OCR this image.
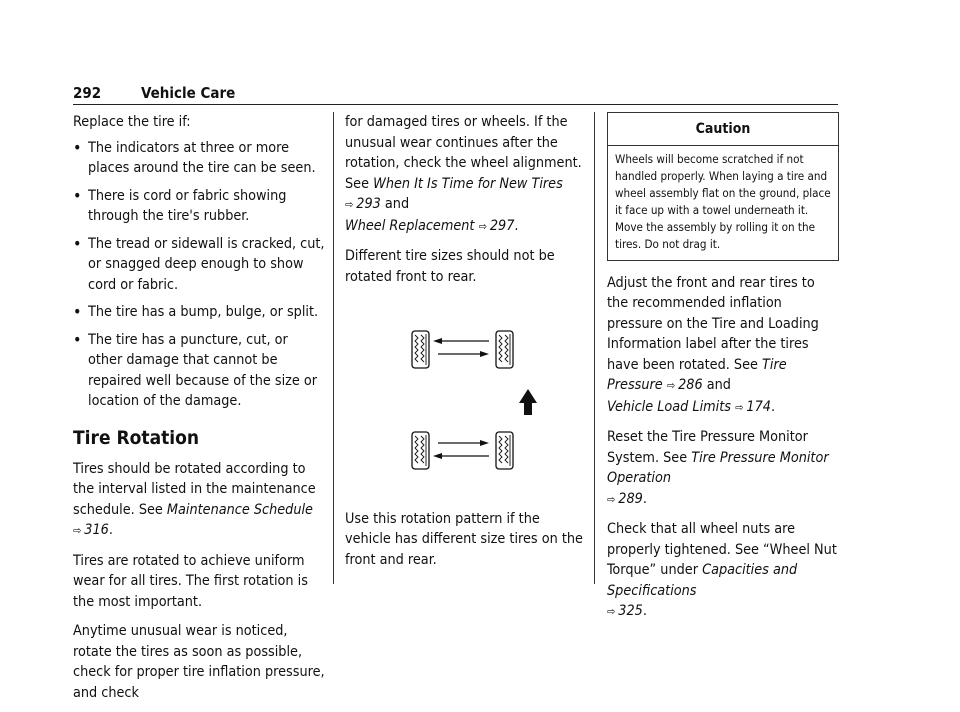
292	Vehicle Care

Replace the tire if:

• The indicators at three or more places around the tire can be seen.
• There is cord or fabric showing through the tire's rubber.
• The tread or sidewall is cracked, cut, or snagged deep enough to show cord or fabric.
• The tire has a bump, bulge, or split.
• The tire has a puncture, cut, or other damage that cannot be repaired well because of the size or location of the damage.
Tire Rotation

Tires should be rotated according to the interval listed in the maintenance schedule. See Maintenance Schedule
⇨ 316.

Tires are rotated to achieve uniform wear for all tires. The first rotation is the most important.

Anytime unusual wear is noticed, rotate the tires as soon as possible, check for proper tire inflation pressure, and check

for damaged tires or wheels. If the unusual wear continues after the rotation, check the wheel alignment. See When It Is Time for New Tires
⇨ 293 and
Wheel Replacement ⇨ 297.

Different tire sizes should not be rotated front to rear.

Use this rotation pattern if the vehicle has different size tires on the front and rear.

Caution
Wheels will become scratched if not handled properly. When laying a tire and wheel assembly flat on the ground, place it face up with a towel underneath it. Move the assembly by rolling it on the tires. Do not drag it.

Adjust the front and rear tires to the recommended inflation pressure on the Tire and Loading Information label after the tires have been rotated. See Tire Pressure ⇨ 286 and
Vehicle Load Limits ⇨ 174.

Reset the Tire Pressure Monitor System. See Tire Pressure Monitor Operation
⇨ 289.

Check that all wheel nuts are properly tightened. See “Wheel Nut Torque” under Capacities and Specifications
⇨ 325.
